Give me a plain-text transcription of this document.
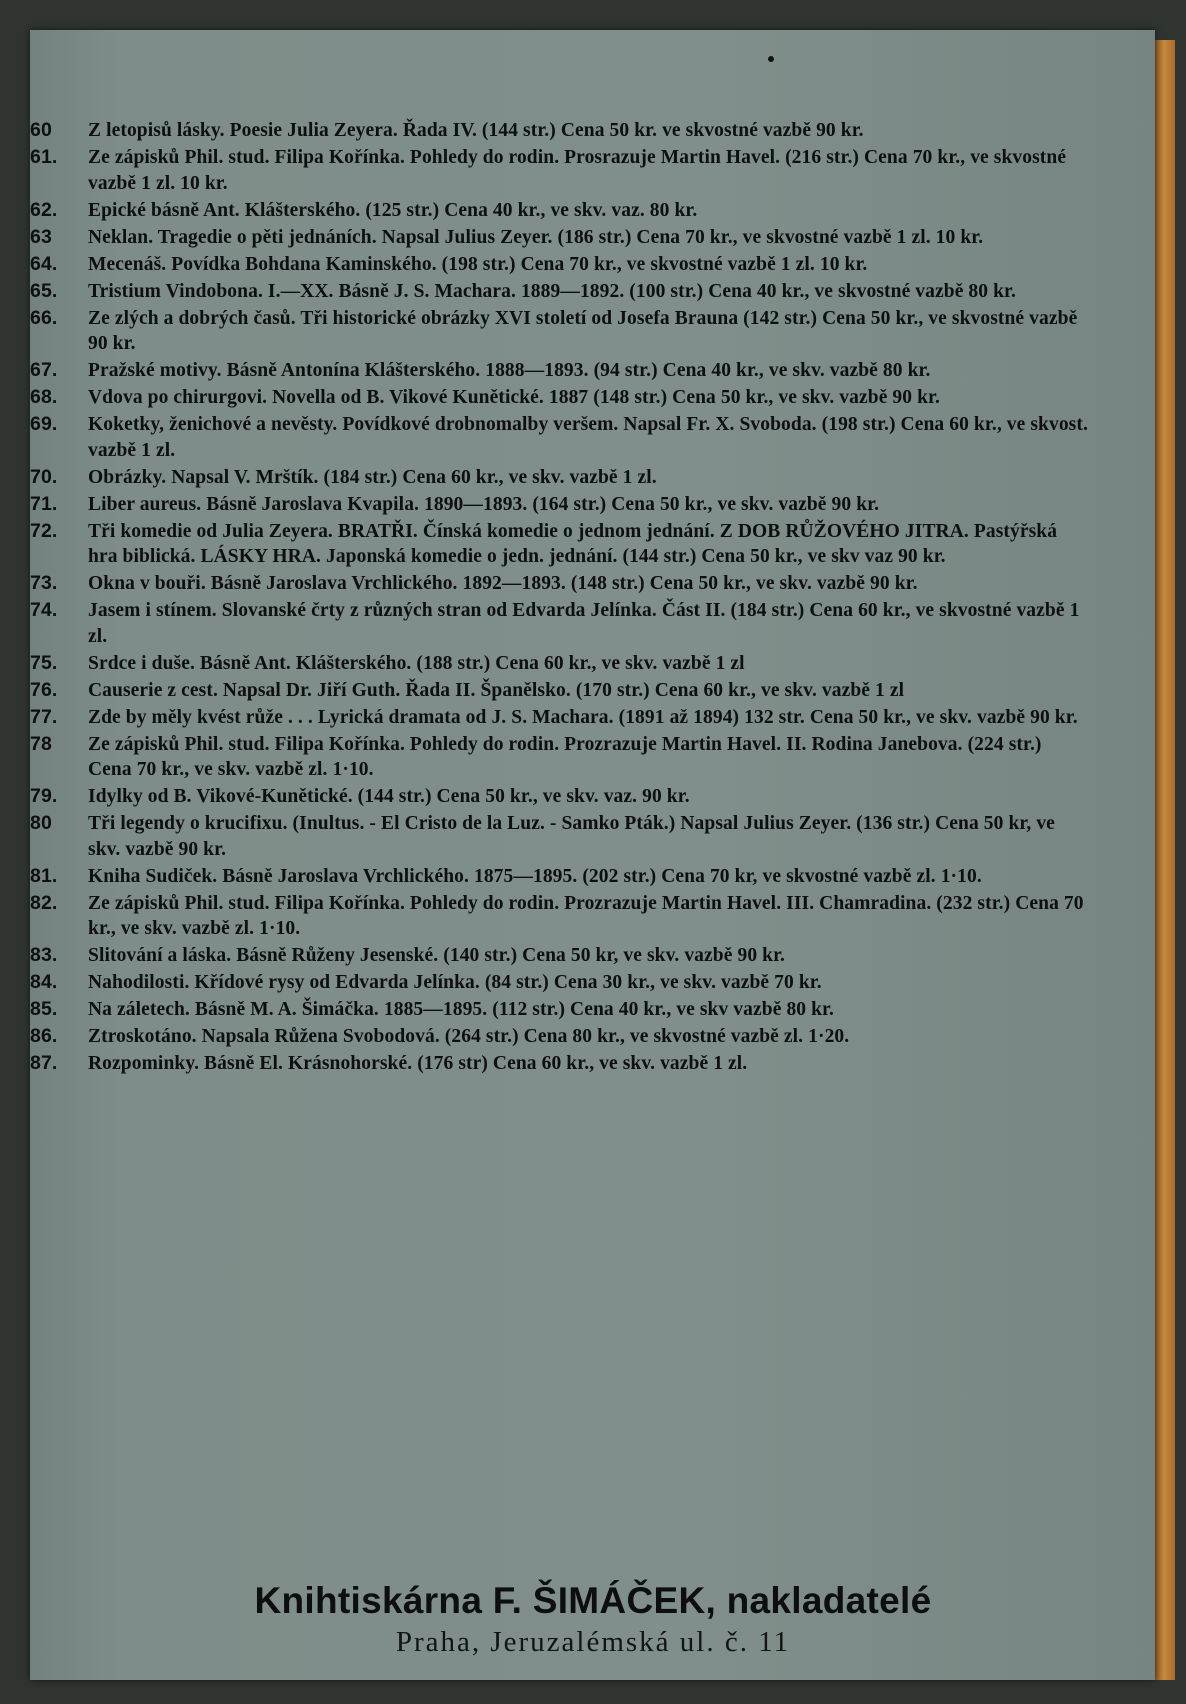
60	Z letopisů lásky. Poesie Julia Zeyera. Řada IV. (144 str.) Cena 50 kr. ve skvostné vazbě 90 kr.
61.	Ze zápisků Phil. stud. Filipa Kořínka. Pohledy do rodin. Prosrazuje Martin Havel. (216 str.) Cena 70 kr., ve skvostné vazbě 1 zl. 10 kr.
62.	Epické básně Ant. Klášterského. (125 str.) Cena 40 kr., ve skv. vaz. 80 kr.
63	Neklan. Tragedie o pěti jednáních. Napsal Julius Zeyer. (186 str.) Cena 70 kr., ve skvostné vazbě 1 zl. 10 kr.
64.	Mecenáš. Povídka Bohdana Kaminského. (198 str.) Cena 70 kr., ve skvostné vazbě 1 zl. 10 kr.
65.	Tristium Vindobona. I.—XX. Básně J. S. Machara. 1889—1892. (100 str.) Cena 40 kr., ve skvostné vazbě 80 kr.
66.	Ze zlých a dobrých časů. Tři historické obrázky XVI století od Josefa Brauna (142 str.) Cena 50 kr., ve skvostné vazbě 90 kr.
67.	Pražské motivy. Básně Antonína Klášterského. 1888—1893. (94 str.) Cena 40 kr., ve skv. vazbě 80 kr.
68.	Vdova po chirurgovi. Novella od B. Vikové Kunětické. 1887 (148 str.) Cena 50 kr., ve skv. vazbě 90 kr.
69.	Koketky, ženichové a nevěsty. Povídkové drobnomalby veršem. Napsal Fr. X. Svoboda. (198 str.) Cena 60 kr., ve skvost. vazbě 1 zl.
70.	Obrázky. Napsal V. Mrštík. (184 str.) Cena 60 kr., ve skv. vazbě 1 zl.
71.	Liber aureus. Básně Jaroslava Kvapila. 1890—1893. (164 str.) Cena 50 kr., ve skv. vazbě 90 kr.
72.	Tři komedie od Julia Zeyera. BRATŘI. Čínská komedie o jednom jednání. Z DOB RŮŽOVÉHO JITRA. Pastýřská hra biblická. LÁSKY HRA. Japonská komedie o jedn. jednání. (144 str.) Cena 50 kr., ve skv vaz 90 kr.
73.	Okna v bouři. Básně Jaroslava Vrchlického. 1892—1893. (148 str.) Cena 50 kr., ve skv. vazbě 90 kr.
74.	Jasem i stínem. Slovanské črty z různých stran od Edvarda Jelínka. Část II. (184 str.) Cena 60 kr., ve skvostné vazbě 1 zl.
75.	Srdce i duše. Básně Ant. Klášterského. (188 str.) Cena 60 kr., ve skv. vazbě 1 zl
76.	Causerie z cest. Napsal Dr. Jiří Guth. Řada II. Španělsko. (170 str.) Cena 60 kr., ve skv. vazbě 1 zl
77.	Zde by měly kvést růže . . . Lyrická dramata od J. S. Machara. (1891 až 1894) 132 str. Cena 50 kr., ve skv. vazbě 90 kr.
78	Ze zápisků Phil. stud. Filipa Kořínka. Pohledy do rodin. Prozrazuje Martin Havel. II. Rodina Janebova. (224 str.) Cena 70 kr., ve skv. vazbě zl. 1·10.
79.	Idylky od B. Vikové-Kunětické. (144 str.) Cena 50 kr., ve skv. vaz. 90 kr.
80	Tři legendy o krucifixu. (Inultus. - El Cristo de la Luz. - Samko Pták.) Napsal Julius Zeyer. (136 str.) Cena 50 kr, ve skv. vazbě 90 kr.
81.	Kniha Sudiček. Básně Jaroslava Vrchlického. 1875—1895. (202 str.) Cena 70 kr, ve skvostné vazbě zl. 1·10.
82.	Ze zápisků Phil. stud. Filipa Kořínka. Pohledy do rodin. Prozrazuje Martin Havel. III. Chamradina. (232 str.) Cena 70 kr., ve skv. vazbě zl. 1·10.
83.	Slitování a láska. Básně Růženy Jesenské. (140 str.) Cena 50 kr, ve skv. vazbě 90 kr.
84.	Nahodilosti. Křídové rysy od Edvarda Jelínka. (84 str.) Cena 30 kr., ve skv. vazbě 70 kr.
85.	Na záletech. Básně M. A. Šimáčka. 1885—1895. (112 str.) Cena 40 kr., ve skv vazbě 80 kr.
86.	Ztroskotáno. Napsala Růžena Svobodová. (264 str.) Cena 80 kr., ve skvostné vazbě zl. 1·20.
87.	Rozpominky. Básně El. Krásnohorské. (176 str) Cena 60 kr., ve skv. vazbě 1 zl.
Knihtiskárna F. ŠIMÁČEK, nakladatelé
Praha, Jeruzalémská ul. č. 11
